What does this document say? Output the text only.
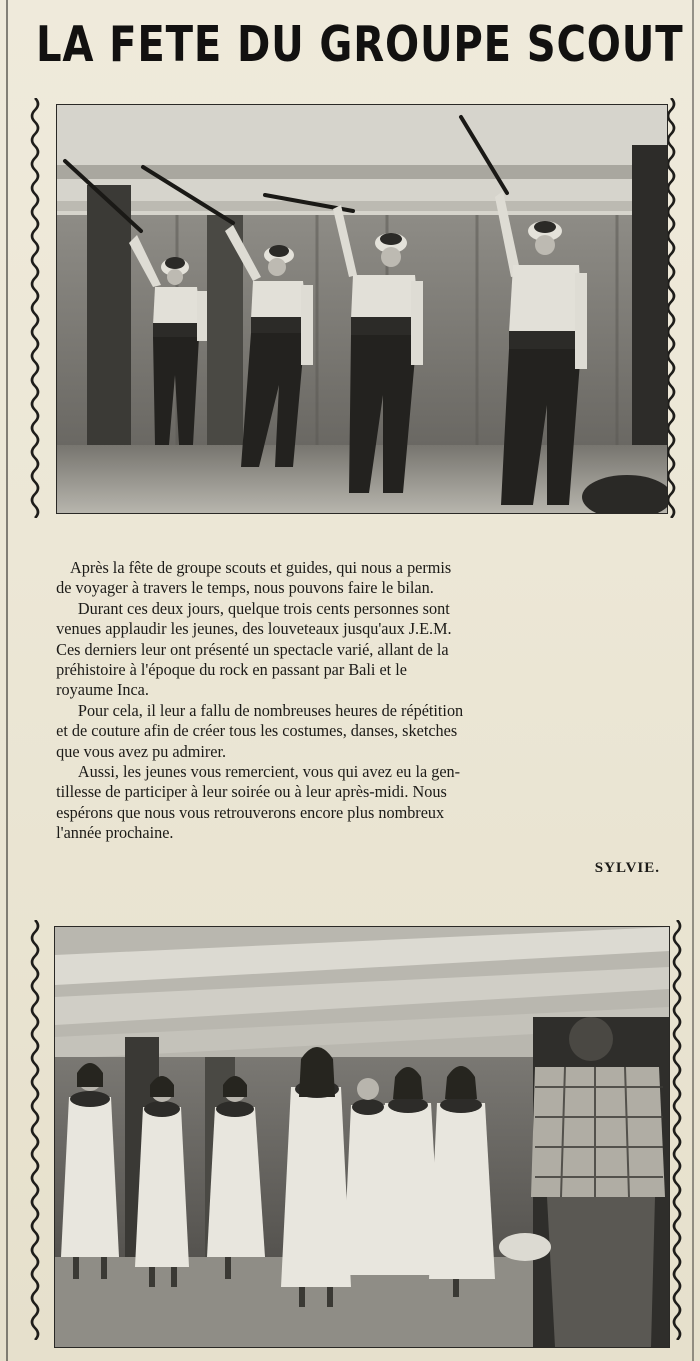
LA FETE DU GROUPE SCOUT

Après la fête de groupe scouts et guides, qui nous a permis

de voyager à travers le temps, nous pouvons faire le bilan.

Durant ces deux jours, quelque trois cents personnes sont

venues applaudir les jeunes, des louveteaux jusqu'aux J.E.M.

Ces derniers leur ont présenté un spectacle varié, allant de la

préhistoire à l'époque du rock en passant par Bali et le

royaume Inca.

Pour cela, il leur a fallu de nombreuses heures de répétition

et de couture afin de créer tous les costumes, danses, sketches

que vous avez pu admirer.

Aussi, les jeunes vous remercient, vous qui avez eu la gen-

tillesse de participer à leur soirée ou à leur après-midi. Nous

espérons que nous vous retrouverons encore plus nombreux

l'année prochaine.

SYLVIE.
